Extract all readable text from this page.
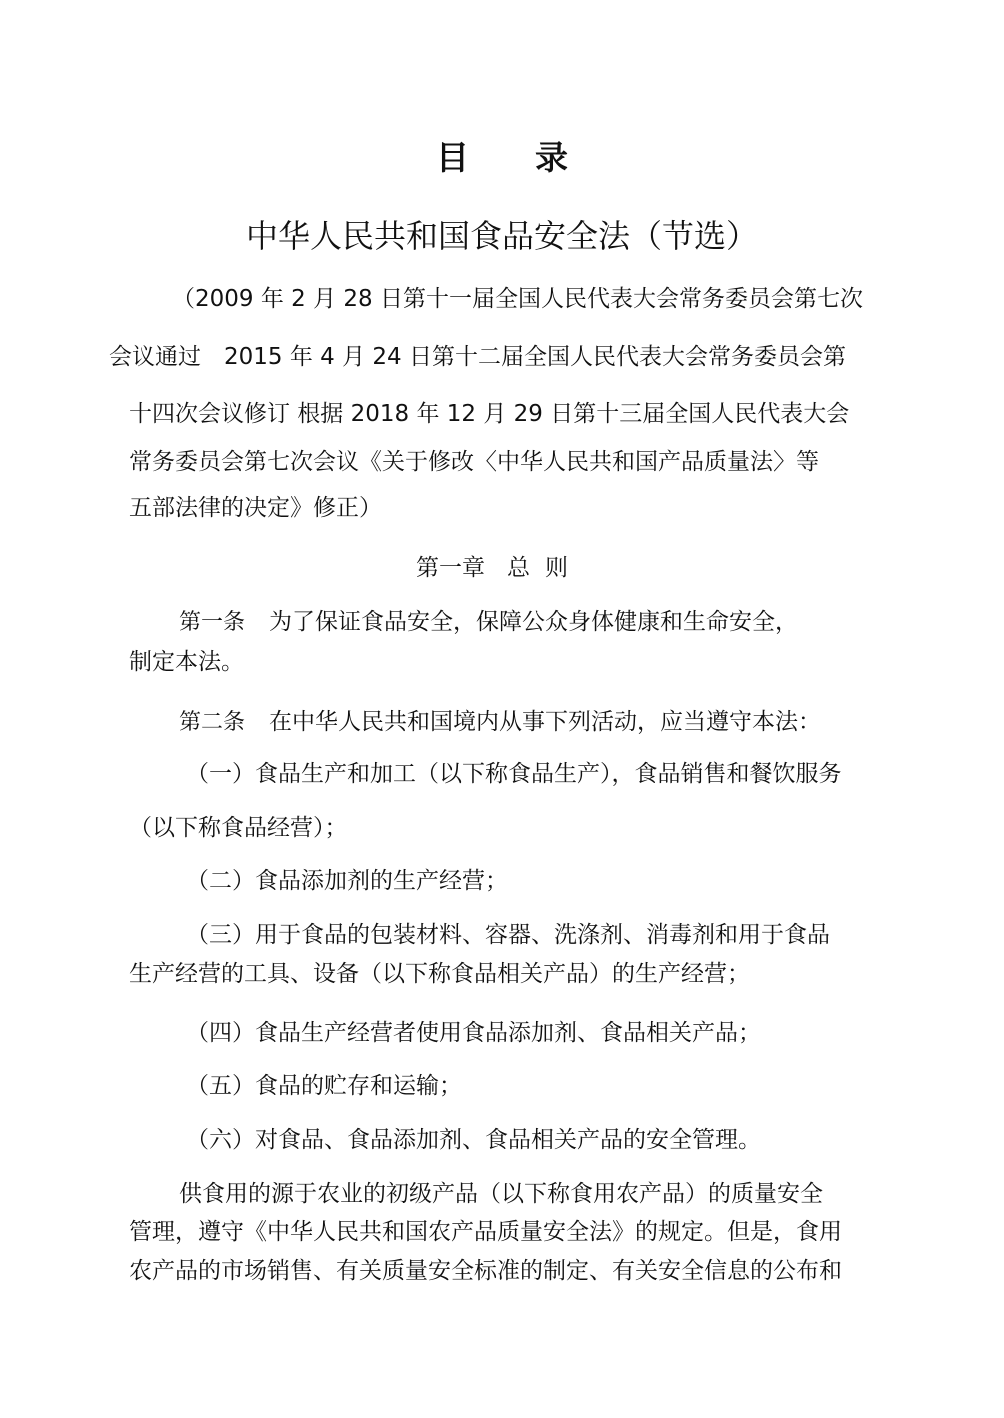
目 录
中华人民共和国食品安全法（节选）

（2009 年 2 月 28 日第十一届全国人民代表大会常务委员会第七次

会议通过　2015 年 4 月 24 日第十二届全国人民代表大会常务委员会第

十四次会议修订 根据 2018 年 12 月 29 日第十三届全国人民代表大会

常务委员会第七次会议《关于修改〈中华人民共和国产品质量法〉等

五部法律的决定》修正）

第一章 总 则

第一条 为了保证食品安全，保障公众身体健康和生命安全，

制定本法。

第二条 在中华人民共和国境内从事下列活动，应当遵守本法：

（一）食品生产和加工（以下称食品生产），食品销售和餐饮服务

（以下称食品经营）；

（二）食品添加剂的生产经营；

（三）用于食品的包装材料、容器、洗涤剂、消毒剂和用于食品

生产经营的工具、设备（以下称食品相关产品）的生产经营；

（四）食品生产经营者使用食品添加剂、食品相关产品；

（五）食品的贮存和运输；

（六）对食品、食品添加剂、食品相关产品的安全管理。

供食用的源于农业的初级产品（以下称食用农产品）的质量安全

管理，遵守《中华人民共和国农产品质量安全法》的规定。但是，食用

农产品的市场销售、有关质量安全标准的制定、有关安全信息的公布和
